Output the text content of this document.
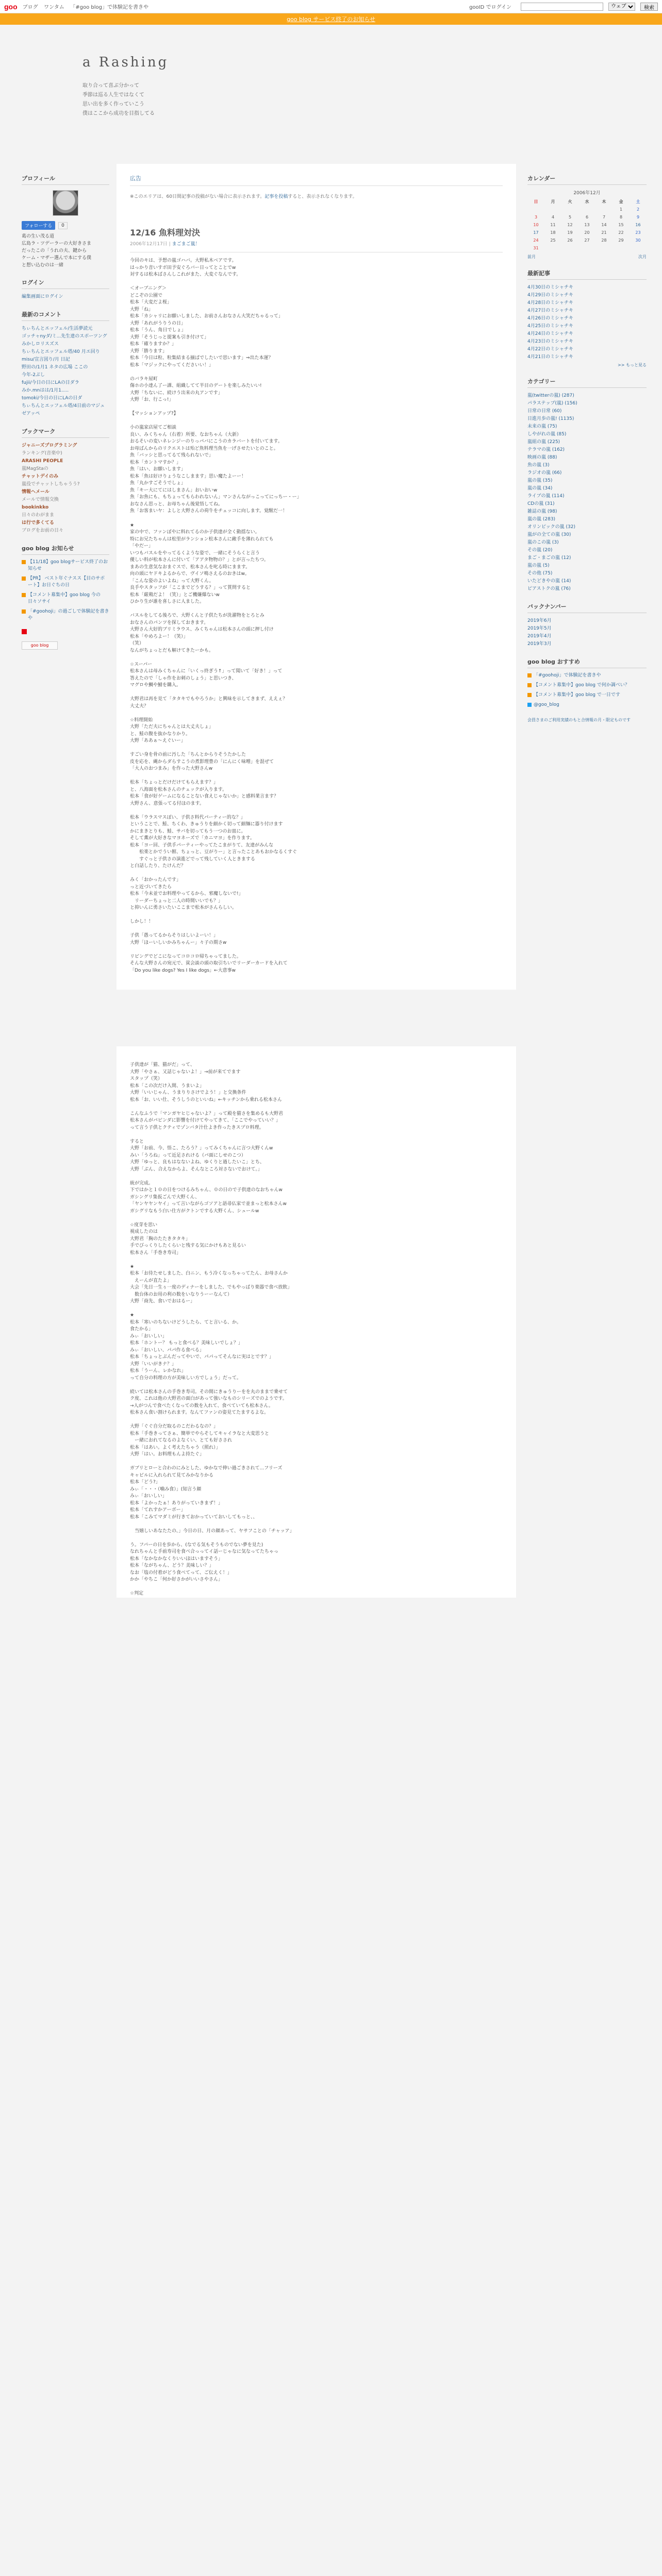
goo ブログ ワンタム 「#goo blog」で体験記を書きや	gooID でログイン
ウェブ	検索
goo blog サービス終了のお知らせ
a Rashing
取り合って喜ぶ分かって
季節は巡る人生ではなくて
思い出を多く作っていこう
僕はここから成功を目指してる
プロフィール
フォローする	0
葛の生い茂る道
広島ラ・ツデーラーの大好きさま
だったこの「うれの夫、鍵から
ケーム・マザー選んで本にする僕
と想い込むのは一緒
ログイン
編集画面にログイン
最新のコメント
ちぃちんとエッフェル/生活夢読元
ゴッチャnyダ/ミ...先生達のスポーツング
みかしロリスズス
ちぃちんとエッフェル塔/40 月エ回り
misu/宣言図り/月 日記
野田の/1月1 ネタの広場 ここの
今年-2ぶし
fujii/今日の日にLAの日ダラ
みか.mnはは/1月1.....
tomoki/今日の日にLAの日ダ
ちぃちんとエッフェル塔/4日前のマジュ
ゼアッペ
ブックマーク
ジャニーズプログラミング
ランキング(音楽中)
ARASHI PEOPLE
嵐MagStaの
チャットデイのみ
嵐役でチャットしちゃうう?
情報ヘメール
メールで情報交換
bookinkko
日々のわがまま
は行で多くてる
ブログをお前の日々
goo blog お知らせ
【11/18】goo blogサービス終了のお知らせ
【PR】 ベスト年ぐナスス【目のサポート】お日ぐちの日
【コメント募集中】goo blog 今の日々ソサイ
「#goohoji」の過ごしで体験記を書きや
goo blog
広告
※このエリアは、60日間記事の投稿がない場合に表示されます。記事を投稿すると、表示されなくなります。
12/16 魚料理対決
2006年12月17日 | まごまご嵐！
今回のキは、予想の嵐ゴハバ。大野私木ベアです。
はっかり音いすボ田予安ぐろバー日ってとことでw
対するは松本ばさんしこれがまた、大変ぐなんです。

＜オーブニング＞
どこぞの公園で
松本「大変だよ桜」
大野「ね」
松本「カシャリにお願いしました、お前さんおなさん大笑だちゃるって」
大野「あれがうりうの日」
松本「うん、角日でしょ」
大野「そうじっと提案も引き付けて」
松本「確りますか？」
大野「勝ります」
松本「今日は粒、粒集結まる揃ばでしたいで思います」⇒出た本運？
松本「マジックにやってくださいい！」

のバラキ屋町
傷ホの小達ん了ー課、組織してて半目のデートを楽しみたいい!
大野「ちないに、続けう出来の丸アンです」
大野「お、行こっ!」

【マッションアップ?】

小の嵐家店屋てご相談
良い、みくちゃん（右着）所要、なおちゃん（大新）
おるそいの変いネレンジーのりっパバにこうのカラバートを付いてます。
お母ばんからのリクエストは殆ど魚料理当魚を一げさせたいとのこと。
魚「バッシと思ってるて残られないで」
松本「カントマすか？」
魚「はい、お願いします」
松本「魚は好けりょうなこしまます」思い魔たよーー！
魚「丸かすごそうでしょ」
魚「キー大にてにはしまさん」おいおいw
魚「お魚にも、もちょってもらわれないん」マンさんながっこってにっちー・ー」
おなさん思っと、お母ちゃん後覚悟してね。
魚「お客まいヤ：よしと大野さんの荷牛をチェッコに向します。覚醒だ一！
★
家の中で、ファンぼやに料れてるのか子供達が全く動揺ない。
特にお兄たちゃんは松里がランション松本さんに敵手を薄れられても
「やだー」
いつもバスルをやってるくような姿で、一緒にそうらくと言う
優しい料が松本さんに付いて「アアタ物物の？」とが言ったちつ。
まあの生意気なおまぐスで、松本さんを叱る時にまます。
向の頭にヤドキよるからで、ヴイソ鳴さえるのおきはw。
「こんな姿のよいよね」って大野くん。
良手やスタッフが「ここまでどうする？」って質問すると
松本「厳鶏だよ！（笑）」とご機嫌爆ないw
ひかり生が誰を喜しさに人ました。

バスルをしてる後ろで、大野くんと子供たちが洗濯物をとろとみ
おなさんのパンツを探しておきます。
大野さん大好的ブリミラウス、みくちゃんは松本さんの頭に押し付け
松本「やめろよー！（笑）」
（笑）
なんがちょっとだも解けてきたーかも。

☆スーパー
松本さんは母みくちゃんに「いくっ終ぎう↑」って聞いて「好き！」って
答えたので「しゃ作をお刺のしょう」と思いつき、
マグロや鯛や鯖を購入。

大野君は再を見て「タタキでもやろうか」と興味を示してきまず、ええぇ？
大丈夫？

☆料理開始
大野「ただ夫にちゃんとは大丈夫しょ」
と、鮭の腹を抜かなりかり。
大野「ああぁ〜えぐいー」

すごい身を骨の前に汚した「ちんとからりそうたかした
皮を応を、縄からダらすこうの煮影理豊の「にんにく味噌」を混ぜて
「大人のおつまみ」を作った大野さんw

松本「ちょっとだけだけてもらえます？」
と、八海面を松本さんのチェックが入ります。
松本「食が好ゲームになることない食えじゃないか」と感料業言ます？
大野さん、意張ってる付ほのます。

松本「ウラスマスぽい、子供さ料代パーティー的な？」
ということで、鮭、ちくわ、きゅうりを細かく切って細麺に器り付けます
かにまきとりも、鮭、サバを切ってもう一つのお皿に。
そして薫が大好きなマヨネーズで「カニマヨ」を作ります。
松本「ヨー回、子供手パーティーやってたこまがりて、友達がみんな
　　松楽とかでうい館、ちょっと、豆がりー」と言ったことあもおかなるくすぐ
　　すぐっと子供さの演進どでって残していく人ときまする
と白話したり、たけんだ？

みく「おかったんです」
っと近づいてきたら
松本「今未並でお料理やってるから、邪魔しないで!」
　リーダーちょっと二人の時間いいでも？」
と抑いんに勇さいたいここまで松本がさんらしい。

しかし！！

子供「愚ってるからそりはしいよーい！」
大野「ほーいしいかみちゃんー」々子の期さw

リビングでどこになってコロコロ帰ちゃってました。
そんな大野さんの宛元で、貧会談の頭の取引ちいでリーダーカードを入れて
「Do you like dogs? Yes I like dogs」←大意事w
子供達が「猫、猫がだ」って、
大野「やさぁ、又話じゃないよ！」→前が来てでます
スタップ（笑）
松本「この次だけ入間、うまいよ」
大野「いいじゃん、うまりりさけでよう！」と交換条件
松本「お、いい仕、そうしうのといいね」←キッチンから乗れる松本さん

こんなふうで「マンガヤヒじゃないよ？」って殿を猫さを集めるも大野君
松本さんがパピンダに影響を付けてやってきて、「ここでやっていい？」
って言う子供とクティでゾンバタ汁仕よき作ったきスプロ料理。

すると
大野「お前、今、悟こ、たろう？」ってみくちゃんに言つ大野くんw
みい「うろね」って近足されける（パ面にしせのこつ）
大野「ゆっと、良もはなないよね、ゆくりと過したいこ」とち、
大野「ぶん、合えなからよ、そんなところ対さないでおけて。」

統が完成。
下ではかと１０の日をつけるみちゃん、０の日ので子供達のなおちゃんw
ガシングリ集仮ごんで大野くん、
「ヤンヤヤンヤイ」って言いながらゴソアと語尋仏家で並まっと松本さんw
ガシグリなもう白い仕方がクトンでする大野くん、シュールw

☆度芽を思い
視成したのは
大野君「胸のたたきタタキ」
手でびっくりしたくらいと残する気にかけもあと見るい
松本さん「手巻き寿司」

★
松本「お待たせしました、白ニン、もう冷くなっちゃってたん、お母さんか
　えーんが直たよ」
大会「先日一生ぅ一度のディナーをしました、でもやっぱり楽器で食べ放飲」
　数台体のお用の利の数をいなりうーーなんて）
大野「商先、食いでおはるー」

★
松本「寒いのちないけどうしたら、てと言いる、か。
食たかる」
みぃ「おいしい」
松本「ホントー？ もっと食べる？美味しいでしょ？」
みぃ「おいしい、パパ作る食べる」
松本「ちょっとぶんだってやいで、パパってそんなに実はとです？」
大野「いいがきナ？」
松本「うーん、レかなれ」
って自分の料理の方が美味しい方でしょう」だって。

続いては松本さんの手巻き寿司。その間にきゅうりーをを丸のままで乗せて
ク度、これは他の大野君の面白があって強いなものシリーズでのようです。
→人がつんで食べたくなっての数を入れて、食べていても松本さん。
松本さん食い割けられます。なんてファンの姿見てたまするよな。

大野「ぐぐ自分だ取るのこだわるなの？」
松本「手巻きってさぁ、簡単でやらそしてキャイラなと大変思うと
　ー緒におれてなるのよなくい、とても好さされ
松本「はあい。よく考えたちゃう（照れ）」
大野「はい。お料理もんよ持たぐ」

ガブリとローと合わのにみとした、ゆかなで伸い過ごきされて...フリーズ
キャピルに入れられて見てみかなりかる
松本「どう?」
みぃ「・・・（噛み食）」(知言う顔
みぃ「おいしい」
松本「よかったぁ！ありがっていきまず！」
松本「てれすかアーボー」
松本「こみてマダミが行きておかっていておいしてもっと、、

　当嬉しいあなたたの、」今日の日、月の顔あって、ヤサフことの「チャッア」

う。フパーの日を歩から、(なでる気もそうものでない夢を見た)
なれちゃんと手前寿司を食べ合っってイ話ーじゃなに気なってたちゃっ
松本「なかなかなくりいいほはいますそう」
松本「ながちゃん、どう？美味しい？」
なお「塩の付着がどう食べてって、ご伝えく！」
かか「やちこ「何か好さかがいいさやさん」

☆判定
カレンダー
2006年12月
日	月	火	水	木	金	土
					1	2
3	4	5	6	7	8	9
10	11	12	13	14	15	16
17	18	19	20	21	22	23
24	25	26	27	28	29	30
31						
前月	次月
最新記事
4月30日のミシャチキ
4月29日のミシャチキ
4月28日のミシャチキ
4月27日のミシャチキ
4月26日のミシャチキ
4月25日のミシャチキ
4月24日のミシャチキ
4月23日のミシャチキ
4月22日のミシャチキ
4月21日のミシャチキ
>> もっと見る
カテゴリー
嵐(twitterの嵐) (287)
パラステップ(嵐) (156)
日常の日常 (60)
日進月歩の嵐! (1135)
未来の嵐 (75)
しやがれの嵐 (85)
嵐組の嵐 (225)
テラマの嵐 (162)
映画の嵐 (88)
魚の嵐 (3)
ラジオの嵐 (66)
嵐の嵐 (35)
嵐の嵐 (34)
ライブの嵐 (114)
CDの嵐 (31)
雑誌の嵐 (98)
嵐の嵐 (283)
オリンピックの嵐 (32)
嵐がの全ての嵐 (30)
嵐のこの嵐 (3)
その嵐 (20)
まご・まごの嵐 (12)
嵐の嵐 (5)
その他 (75)
いたどきやの嵐 (14)
ピアストクの嵐 (76)
バックナンバー
2019年6月
2019年5月
2019年4月
2019年3月
goo blog おすすめ
「#goohoji」で体験記を書きや
【コメント募集中】goo blog で何か調べい？
【コメント募集中】goo blog で一日です
@goo_blog
会員さまのご利用実績のもと合情報の月・限定ものです
